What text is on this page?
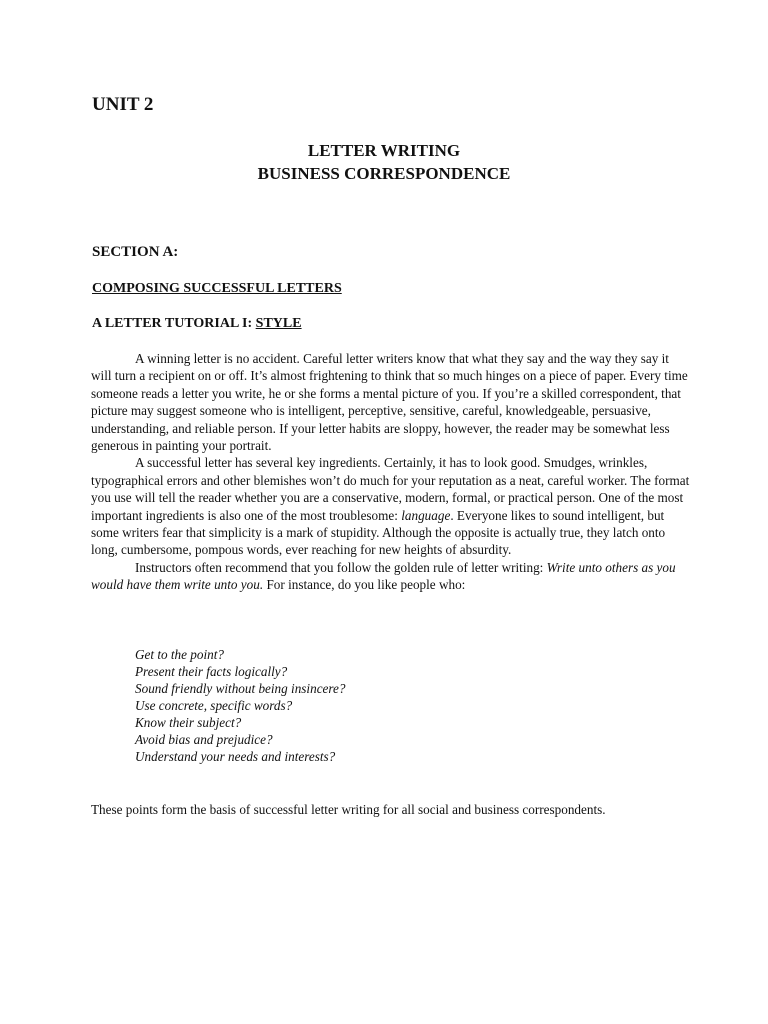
UNIT 2
LETTER WRITING
BUSINESS CORRESPONDENCE
SECTION A:
COMPOSING SUCCESSFUL LETTERS
A LETTER TUTORIAL I: STYLE

A winning letter is no accident. Careful letter writers know that what they say and the way they say it will turn a recipient on or off. It’s almost frightening to think that so much hinges on a piece of paper. Every time someone reads a letter you write, he or she forms a mental picture of you. If you’re a skilled correspondent, that picture may suggest someone who is intelligent, perceptive, sensitive, careful, knowledgeable, persuasive, understanding, and reliable person. If your letter habits are sloppy, however, the reader may be somewhat less generous in painting your portrait.

A successful letter has several key ingredients. Certainly, it has to look good. Smudges, wrinkles, typographical errors and other blemishes won’t do much for your reputation as a neat, careful worker. The format you use will tell the reader whether you are a conservative, modern, formal, or practical person. One of the most important ingredients is also one of the most troublesome: language. Everyone likes to sound intelligent, but some writers fear that simplicity is a mark of stupidity. Although the opposite is actually true, they latch onto long, cumbersome, pompous words, ever reaching for new heights of absurdity.

Instructors often recommend that you follow the golden rule of letter writing: Write unto others as you would have them write unto you. For instance, do you like people who:

Get to the point?
Present their facts logically?
Sound friendly without being insincere?
Use concrete, specific words?
Know their subject?
Avoid bias and prejudice?
Understand your needs and interests?

These points form the basis of successful letter writing for all social and business correspondents.
